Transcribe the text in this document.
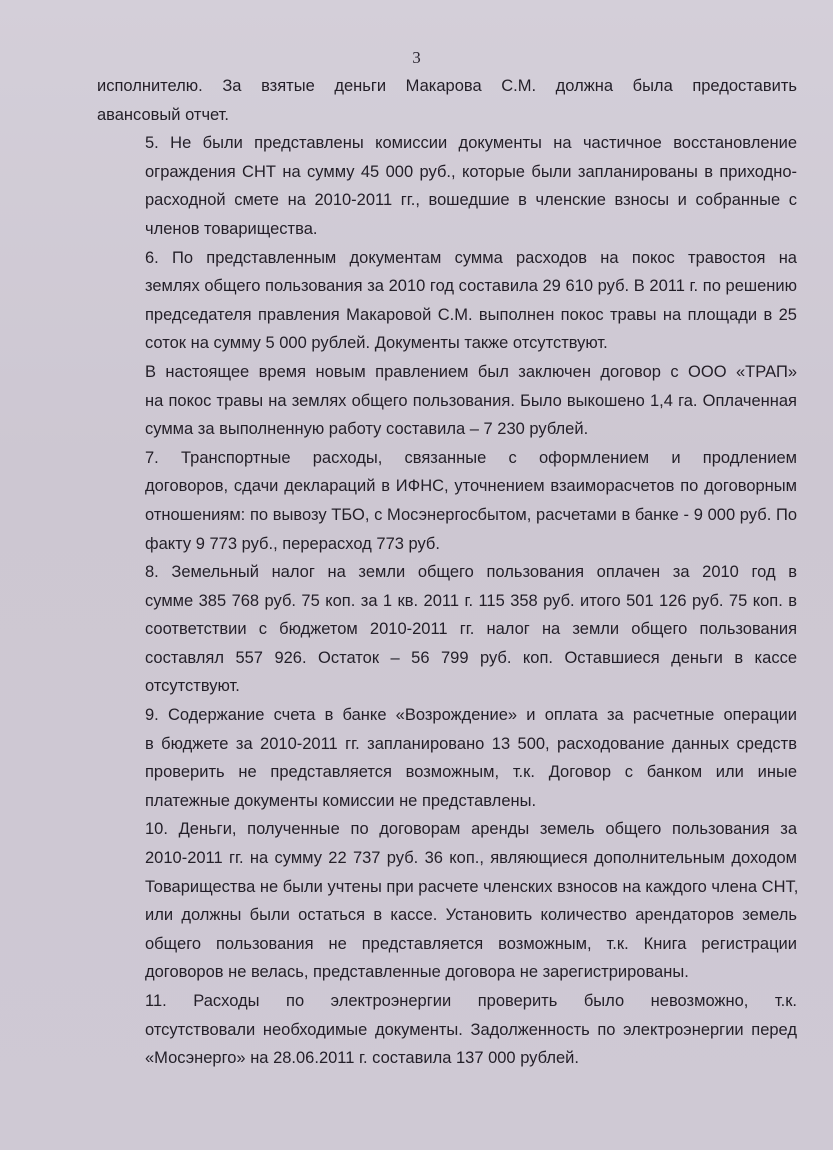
3
исполнителю. За взятые деньги Макарова С.М. должна была предоставить
авансовый отчет.
5. Не были представлены комиссии документы на частичное восстановление
ограждения СНТ на сумму 45 000 руб., которые были запланированы в приходно-
расходной смете на 2010-2011 гг., вошедшие в членские взносы и собранные с
членов товарищества.
6. По представленным документам сумма расходов на покос травостоя на
землях общего пользования за 2010 год составила 29 610 руб. В 2011 г. по решению
председателя правления Макаровой С.М. выполнен покос травы на площади в 25
соток на сумму 5 000 рублей. Документы также отсутствуют.
В настоящее время новым правлением был заключен договор с ООО «ТРАП»
на покос травы на землях общего пользования. Было выкошено 1,4 га. Оплаченная
сумма за выполненную работу составила – 7 230 рублей.
7. Транспортные расходы, связанные с оформлением и продлением
договоров, сдачи деклараций в ИФНС, уточнением взаиморасчетов по договорным
отношениям: по вывозу ТБО, с Мосэнергосбытом, расчетами в банке - 9 000 руб. По
факту 9 773 руб., перерасход 773 руб.
8. Земельный налог на земли общего пользования оплачен за 2010 год в
сумме 385 768 руб. 75 коп. за 1 кв. 2011 г. 115 358 руб. итого 501 126 руб. 75 коп. в
соответствии с бюджетом 2010-2011 гг. налог на земли общего пользования
составлял 557 926. Остаток – 56 799 руб. коп. Оставшиеся деньги в кассе
отсутствуют.
9. Содержание счета в банке «Возрождение» и оплата за расчетные операции
в бюджете за 2010-2011 гг. запланировано 13 500, расходование данных средств
проверить не представляется возможным, т.к. Договор с банком или иные
платежные документы комиссии не представлены.
10. Деньги, полученные по договорам аренды земель общего пользования за
2010-2011 гг. на сумму 22 737 руб. 36 коп., являющиеся дополнительным доходом
Товарищества не были учтены при расчете членских взносов на каждого члена СНТ,
или должны были остаться в кассе. Установить количество арендаторов земель
общего пользования не представляется возможным, т.к. Книга регистрации
договоров не велась, представленные договора не зарегистрированы.
11. Расходы по электроэнергии проверить было невозможно, т.к.
отсутствовали необходимые документы. Задолженность по электроэнергии перед
«Мосэнерго» на 28.06.2011 г. составила 137 000 рублей.
